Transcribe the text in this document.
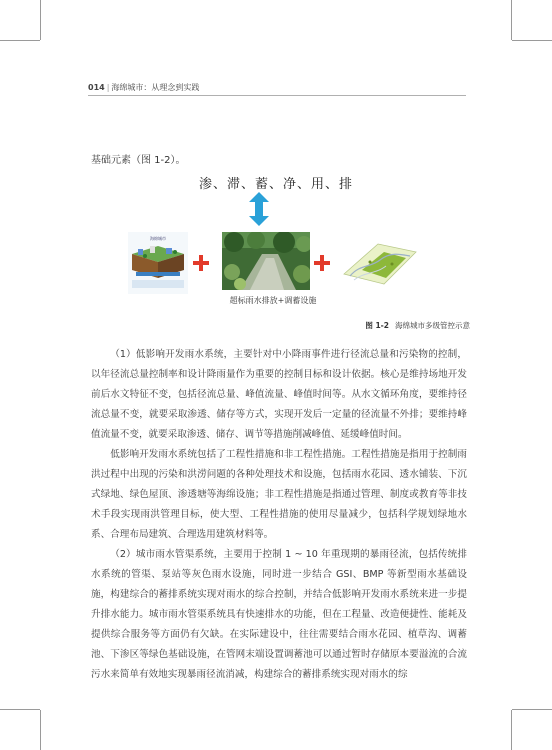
014 | 海绵城市：从理念到实践
基础元素（图 1-2）。
渗、滞、蓄、净、用、排
海绵城市
超标雨水排放+调蓄设施
图 1-2 海绵城市多级管控示意

（1）低影响开发雨水系统，主要针对中小降雨事件进行径流总量和污染物的控制，以年径流总量控制率和设计降雨量作为重要的控制目标和设计依据。核心是维持场地开发前后水文特征不变，包括径流总量、峰值流量、峰值时间等。从水文循环角度，要维持径流总量不变，就要采取渗透、储存等方式，实现开发后一定量的径流量不外排；要维持峰值流量不变，就要采取渗透、储存、调节等措施削减峰值、延缓峰值时间。

低影响开发雨水系统包括了工程性措施和非工程性措施。工程性措施是指用于控制雨洪过程中出现的污染和洪涝问题的各种处理技术和设施，包括雨水花园、透水铺装、下沉式绿地、绿色屋顶、渗透塘等海绵设施；非工程性措施是指通过管理、制度或教育等非技术手段实现雨洪管理目标，使大型、工程性措施的使用尽量减少，包括科学规划绿地水系、合理布局建筑、合理选用建筑材料等。

（2）城市雨水管渠系统，主要用于控制 1 ~ 10 年重现期的暴雨径流，包括传统排水系统的管渠、泵站等灰色雨水设施，同时进一步结合 GSI、BMP 等新型雨水基础设施，构建综合的蓄排系统实现对雨水的综合控制，并结合低影响开发雨水系统来进一步提升排水能力。城市雨水管渠系统具有快速排水的功能，但在工程量、改造便捷性、能耗及提供综合服务等方面仍有欠缺。在实际建设中，往往需要结合雨水花园、植草沟、调蓄池、下渗区等绿色基础设施，在管网末端设置调蓄池可以通过暂时存储原本要溢流的合流污水来简单有效地实现暴雨径流消减，构建综合的蓄排系统实现对雨水的综
